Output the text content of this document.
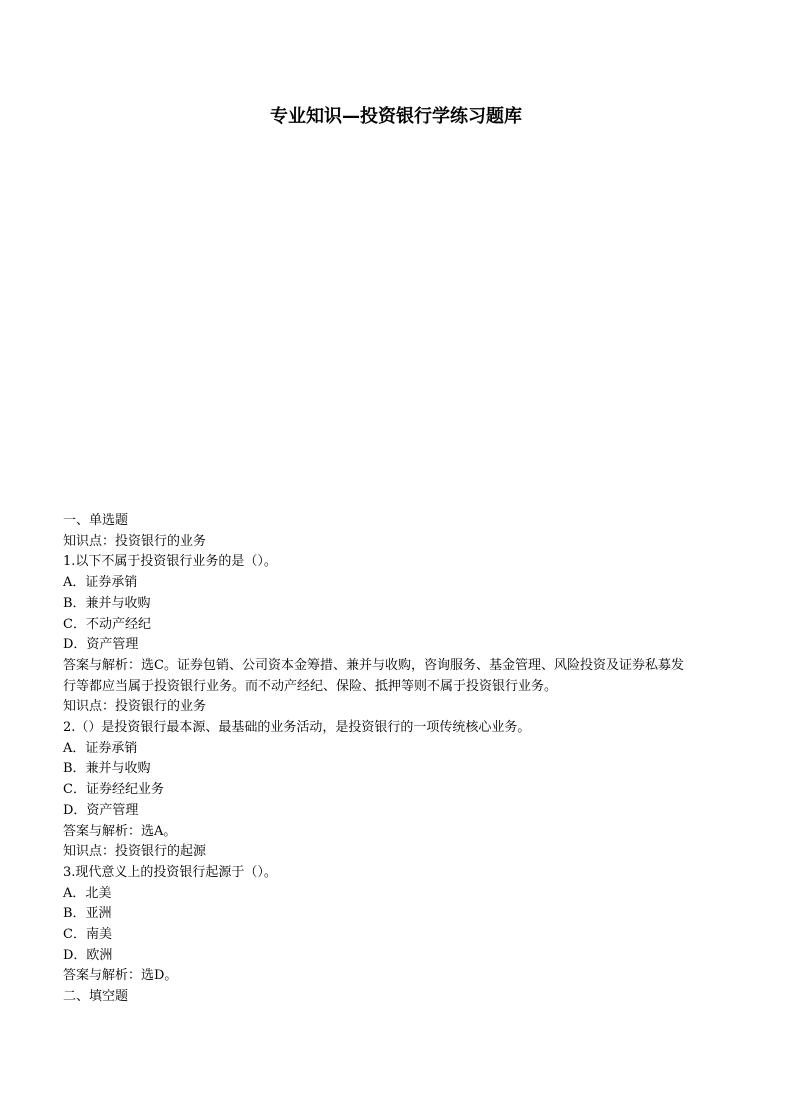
专业知识—投资银行学练习题库

一、单选题

知识点：投资银行的业务

1.以下不属于投资银行业务的是（）。

A．证券承销

B．兼并与收购

C．不动产经纪

D．资产管理

答案与解析：选C。证券包销、公司资本金筹措、兼并与收购，咨询服务、基金管理、风险投资及证券私募发

行等都应当属于投资银行业务。而不动产经纪、保险、抵押等则不属于投资银行业务。

知识点：投资银行的业务

2.（）是投资银行最本源、最基础的业务活动，是投资银行的一项传统核心业务。

A．证券承销

B．兼并与收购

C．证券经纪业务

D．资产管理

答案与解析：选A。

知识点：投资银行的起源

3.现代意义上的投资银行起源于（）。

A．北美

B．亚洲

C．南美

D．欧洲

答案与解析：选D。

二、填空题
